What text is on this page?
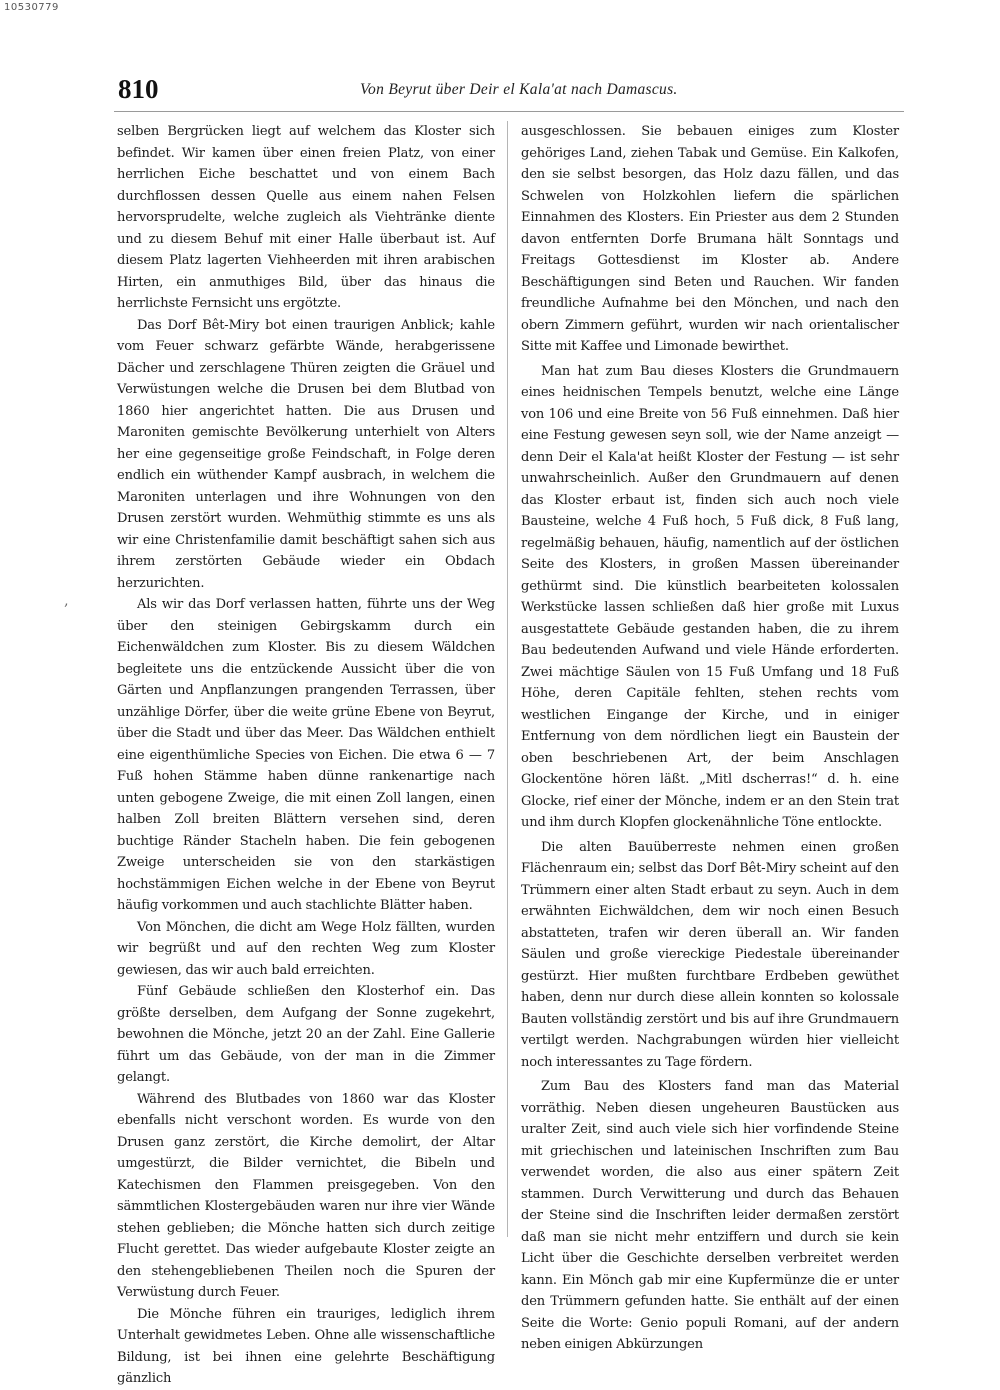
10530779
810	Von Beyrut über Deir el Kala'at nach Damascus.
‚

selben Bergrücken liegt auf welchem das Kloster sich befindet. Wir kamen über einen freien Platz, von einer herrlichen Eiche beschattet und von einem Bach durchflossen dessen Quelle aus einem nahen Felsen hervorsprudelte, welche zugleich als Viehtränke diente und zu diesem Behuf mit einer Halle überbaut ist. Auf diesem Platz lagerten Viehheerden mit ihren arabischen Hirten, ein anmuthiges Bild, über das hinaus die herrlichste Fernsicht uns ergötzte.

Das Dorf Bêt-Miry bot einen traurigen Anblick; kahle vom Feuer schwarz gefärbte Wände, herabgerissene Dächer und zerschlagene Thüren zeigten die Gräuel und Verwüstungen welche die Drusen bei dem Blutbad von 1860 hier angerichtet hatten. Die aus Drusen und Maroniten gemischte Bevölkerung unterhielt von Alters her eine gegenseitige große Feindschaft, in Folge deren endlich ein wüthender Kampf ausbrach, in welchem die Maroniten unterlagen und ihre Wohnungen von den Drusen zerstört wurden. Wehmüthig stimmte es uns als wir eine Christenfamilie damit beschäftigt sahen sich aus ihrem zerstörten Gebäude wieder ein Obdach herzurichten.

Als wir das Dorf verlassen hatten, führte uns der Weg über den steinigen Gebirgskamm durch ein Eichenwäldchen zum Kloster. Bis zu diesem Wäldchen begleitete uns die entzückende Aussicht über die von Gärten und Anpflanzungen prangenden Terrassen, über unzählige Dörfer, über die weite grüne Ebene von Beyrut, über die Stadt und über das Meer. Das Wäldchen enthielt eine eigenthümliche Species von Eichen. Die etwa 6 — 7 Fuß hohen Stämme haben dünne rankenartige nach unten gebogene Zweige, die mit einen Zoll langen, einen halben Zoll breiten Blättern versehen sind, deren buchtige Ränder Stacheln haben. Die fein gebogenen Zweige unterscheiden sie von den starkästigen hochstämmigen Eichen welche in der Ebene von Beyrut häufig vorkommen und auch stachlichte Blätter haben.

Von Mönchen, die dicht am Wege Holz fällten, wurden wir begrüßt und auf den rechten Weg zum Kloster gewiesen, das wir auch bald erreichten.

Fünf Gebäude schließen den Klosterhof ein. Das größte derselben, dem Aufgang der Sonne zugekehrt, bewohnen die Mönche, jetzt 20 an der Zahl. Eine Gallerie führt um das Gebäude, von der man in die Zimmer gelangt.

Während des Blutbades von 1860 war das Kloster ebenfalls nicht verschont worden. Es wurde von den Drusen ganz zerstört, die Kirche demolirt, der Altar umgestürzt, die Bilder vernichtet, die Bibeln und Katechismen den Flammen preisgegeben. Von den sämmtlichen Klostergebäuden waren nur ihre vier Wände stehen geblieben; die Mönche hatten sich durch zeitige Flucht gerettet. Das wieder aufgebaute Kloster zeigte an den stehengebliebenen Theilen noch die Spuren der Verwüstung durch Feuer.

Die Mönche führen ein trauriges, lediglich ihrem Unterhalt gewidmetes Leben. Ohne alle wissenschaftliche Bildung, ist bei ihnen eine gelehrte Beschäftigung gänzlich

ausgeschlossen. Sie bebauen einiges zum Kloster gehöriges Land, ziehen Tabak und Gemüse. Ein Kalkofen, den sie selbst besorgen, das Holz dazu fällen, und das Schwelen von Holzkohlen liefern die spärlichen Einnahmen des Klosters. Ein Priester aus dem 2 Stunden davon entfernten Dorfe Brumana hält Sonntags und Freitags Gottesdienst im Kloster ab. Andere Beschäftigungen sind Beten und Rauchen. Wir fanden freundliche Aufnahme bei den Mönchen, und nach den obern Zimmern geführt, wurden wir nach orientalischer Sitte mit Kaffee und Limonade bewirthet.

Man hat zum Bau dieses Klosters die Grundmauern eines heidnischen Tempels benutzt, welche eine Länge von 106 und eine Breite von 56 Fuß einnehmen. Daß hier eine Festung gewesen seyn soll, wie der Name anzeigt — denn Deir el Kala'at heißt Kloster der Festung — ist sehr unwahrscheinlich. Außer den Grundmauern auf denen das Kloster erbaut ist, finden sich auch noch viele Bausteine, welche 4 Fuß hoch, 5 Fuß dick, 8 Fuß lang, regelmäßig behauen, häufig, namentlich auf der östlichen Seite des Klosters, in großen Massen übereinander gethürmt sind. Die künstlich bearbeiteten kolossalen Werkstücke lassen schließen daß hier große mit Luxus ausgestattete Gebäude gestanden haben, die zu ihrem Bau bedeutenden Aufwand und viele Hände erforderten. Zwei mächtige Säulen von 15 Fuß Umfang und 18 Fuß Höhe, deren Capitäle fehlten, stehen rechts vom westlichen Eingange der Kirche, und in einiger Entfernung von dem nördlichen liegt ein Baustein der oben beschriebenen Art, der beim Anschlagen Glockentöne hören läßt. „Mitl dscherras!“ d. h. eine Glocke, rief einer der Mönche, indem er an den Stein trat und ihm durch Klopfen glockenähnliche Töne entlockte.

Die alten Bauüberreste nehmen einen großen Flächenraum ein; selbst das Dorf Bêt-Miry scheint auf den Trümmern einer alten Stadt erbaut zu seyn. Auch in dem erwähnten Eichwäldchen, dem wir noch einen Besuch abstatteten, trafen wir deren überall an. Wir fanden Säulen und große viereckige Piedestale übereinander gestürzt. Hier mußten furchtbare Erdbeben gewüthet haben, denn nur durch diese allein konnten so kolossale Bauten vollständig zerstört und bis auf ihre Grundmauern vertilgt werden. Nachgrabungen würden hier vielleicht noch interessantes zu Tage fördern.

Zum Bau des Klosters fand man das Material vorräthig. Neben diesen ungeheuren Baustücken aus uralter Zeit, sind auch viele sich hier vorfindende Steine mit griechischen und lateinischen Inschriften zum Bau verwendet worden, die also aus einer spätern Zeit stammen. Durch Verwitterung und durch das Behauen der Steine sind die Inschriften leider dermaßen zerstört daß man sie nicht mehr entziffern und durch sie kein Licht über die Geschichte derselben verbreitet werden kann. Ein Mönch gab mir eine Kupfermünze die er unter den Trümmern gefunden hatte. Sie enthält auf der einen Seite die Worte: Genio populi Romani, auf der andern neben einigen Abkürzungen
